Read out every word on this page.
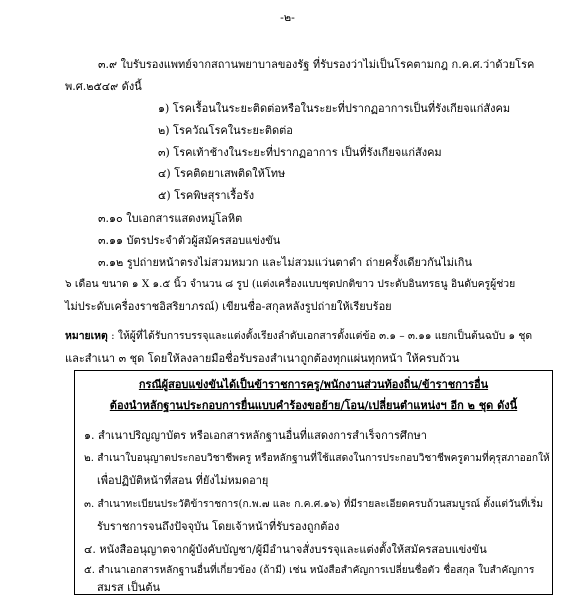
-๒-
๓.๙ ใบรับรองแพทย์จากสถานพยาบาลของรัฐ ที่รับรองว่าไม่เป็นโรคตามกฎ ก.ค.ศ.ว่าด้วยโรค
พ.ศ.๒๕๔๙ ดังนี้
๑) โรคเรื้อนในระยะติดต่อหรือในระยะที่ปรากฏอาการเป็นที่รังเกียจแก่สังคม
๒) โรควัณโรคในระยะติดต่อ
๓) โรคเท้าช้างในระยะที่ปรากฏอาการ เป็นที่รังเกียจแก่สังคม
๔) โรคติดยาเสพติดให้โทษ
๕) โรคพิษสุราเรื้อรัง
๓.๑๐ ใบเอกสารแสดงหมู่โลหิต
๓.๑๑ บัตรประจำตัวผู้สมัครสอบแข่งขัน
๓.๑๒ รูปถ่ายหน้าตรงไม่สวมหมวก และไม่สวมแว่นตาดำ ถ่ายครั้งเดียวกันไม่เกิน
๖ เดือน ขนาด ๑ X ๑.๕ นิ้ว จำนวน ๘ รูป (แต่งเครื่องแบบชุดปกติขาว ประดับอินทรธนู อินดับครูผู้ช่วย
ไม่ประดับเครื่องราชอิสริยาภรณ์) เขียนชื่อ-สกุลหลังรูปถ่ายให้เรียบร้อย
หมายเหตุ : ให้ผู้ที่ได้รับการบรรจุและแต่งตั้งเรียงลำดับเอกสารตั้งแต่ข้อ ๓.๑ – ๓.๑๑ แยกเป็นต้นฉบับ ๑ ชุด
และสำเนา ๓ ชุด โดยให้ลงลายมือชื่อรับรองสำเนาถูกต้องทุกแผ่นทุกหน้า ให้ครบถ้วน
กรณีผู้สอบแข่งขันได้เป็นข้าราชการครู/พนักงานส่วนท้องถิ่น/ข้าราชการอื่น
ต้องนำหลักฐานประกอบการยื่นแบบคำร้องขอย้าย/โอน/เปลี่ยนตำแหน่งฯ อีก ๒ ชุด ดังนี้
๑. สำเนาปริญญาบัตร หรือเอกสารหลักฐานอื่นที่แสดงการสำเร็จการศึกษา
๒. สำเนาใบอนุญาตประกอบวิชาชีพครู หรือหลักฐานที่ใช้แสดงในการประกอบวิชาชีพครูตามที่คุรุสภาออกให้
เพื่อปฏิบัติหน้าที่สอน ที่ยังไม่หมดอายุ
๓. สำเนาทะเบียนประวัติข้าราชการ(ก.พ.๗ และ ก.ค.ศ.๑๖) ที่มีรายละเอียดครบถ้วนสมบูรณ์ ตั้งแต่วันที่เริ่ม
รับราชการจนถึงปัจจุบัน โดยเจ้าหน้าที่รับรองถูกต้อง
๔. หนังสืออนุญาตจากผู้บังคับบัญชา/ผู้มีอำนาจสั่งบรรจุและแต่งตั้งให้สมัครสอบแข่งขัน
๕. สำเนาเอกสารหลักฐานอื่นที่เกี่ยวข้อง (ถ้ามี) เช่น หนังสือสำคัญการเปลี่ยนชื่อตัว ชื่อสกุล ใบสำคัญการ
สมรส เป็นต้น
